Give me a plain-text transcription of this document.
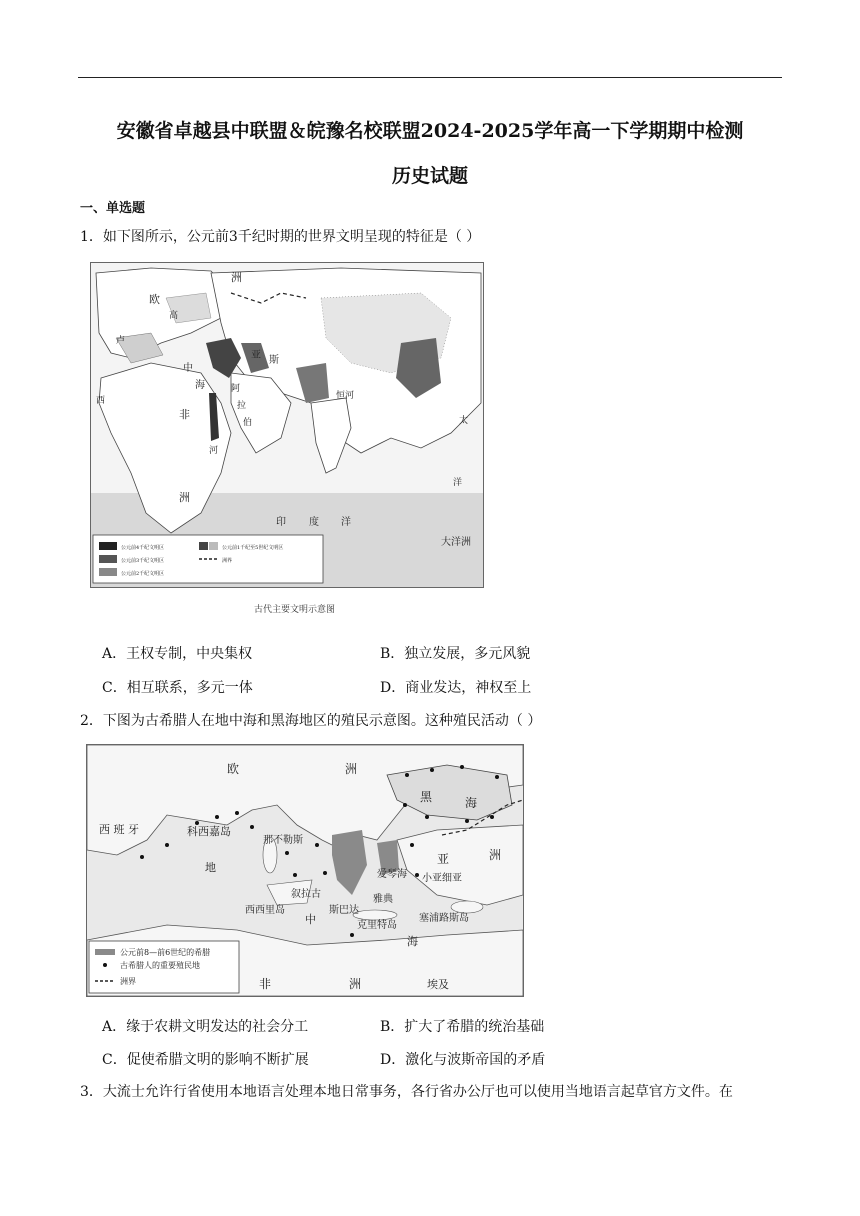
安徽省卓越县中联盟＆皖豫名校联盟2024-2025学年高一下学期期中检测
历史试题
一、单选题
1．如下图所示，公元前3千纪时期的世界文明呈现的特征是（ ）
公元前4千纪文明区
公元前3千纪文明区
公元前2千纪文明区
公元前1千纪至5世纪文明区
洲界
欧
洲
高
卢
西
非
洲
中
海
亚 斯
阿
拉
伯
河
恒河
印 度 洋
太
洋
大洋洲
古代主要文明示意图
A．王权专制，中央集权	B．独立发展，多元风貌
C．相互联系，多元一体	D．商业发达，神权至上
2．下图为古希腊人在地中海和黑海地区的殖民示意图。这种殖民活动（ ）
公元前8—前6世纪的希腊
古希腊人的重要殖民地
洲界
欧	洲
黑	海
西 班 牙	科西嘉岛
地
那不勒斯
亚	洲
小亚细亚
西西里岛
叙拉古
中
斯巴达
雅典
爱琴海
克里特岛
塞浦路斯岛
海
非	洲	埃及
A．缘于农耕文明发达的社会分工	B．扩大了希腊的统治基础
C．促使希腊文明的影响不断扩展	D．激化与波斯帝国的矛盾
3．大流士允许行省使用本地语言处理本地日常事务，各行省办公厅也可以使用当地语言起草官方文件。在
